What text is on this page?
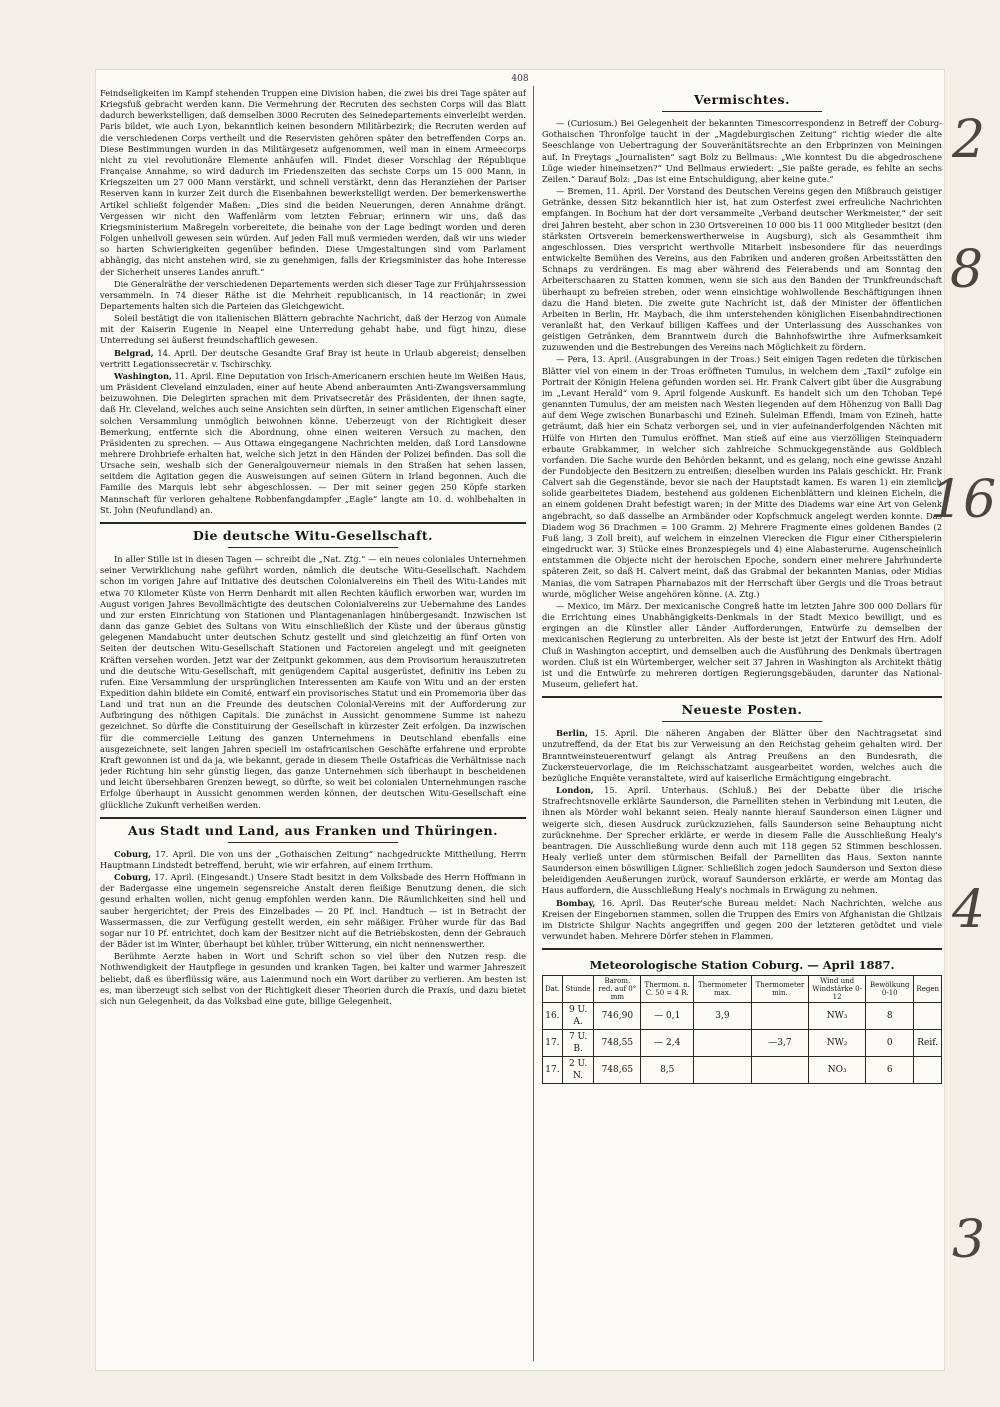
408

Feindseligkeiten im Kampf stehenden Truppen eine Division haben, die zwei bis drei Tage später auf Kriegsfuß gebracht werden kann. Die Vermehrung der Recruten des sechsten Corps will das Blatt dadurch bewerkstelligen, daß demselben 3000 Recruten des Seinedepartements einverleibt werden. Paris bildet, wie auch Lyon, bekanntlich keinen besondern Militärbezirk; die Recruten werden auf die verschiedenen Corps vertheilt und die Reservisten gehören später den betreffenden Corps an. Diese Bestimmungen wurden in das Militärgesetz aufgenommen, weil man in einem Armeecorps nicht zu viel revolutionäre Elemente anhäufen will. Findet dieser Vorschlag der République Française Annahme, so wird dadurch im Friedenszeiten das sechste Corps um 15 000 Mann, in Kriegszeiten um 27 000 Mann verstärkt, und schnell verstärkt, denn das Heranziehen der Pariser Reserven kann in kurzer Zeit durch die Eisenbahnen bewerkstelligt werden. Der bemerkenswerthe Artikel schließt folgender Maßen: „Dies sind die beiden Neuerungen, deren Annahme drängt. Vergessen wir nicht den Waffenlärm vom letzten Februar; erinnern wir uns, daß das Kriegsministerium Maßregeln vorbereitete, die beinahe von der Lage bedingt worden und deren Folgen unheilvoll gewesen sein würden. Auf jeden Fall muß vermieden werden, daß wir uns wieder so harten Schwierigkeiten gegenüber befinden. Diese Umgestaltungen sind vom Parlament abhängig, das nicht anstehen wird, sie zu genehmigen, falls der Kriegsminister das hohe Interesse der Sicherheit unseres Landes anruft.“

Die Generalräthe der verschiedenen Departements werden sich dieser Tage zur Frühjahrssession versammeln. In 74 dieser Räthe ist die Mehrheit republicanisch, in 14 reactionär; in zwei Departements halten sich die Parteien das Gleichgewicht.

Soleil bestätigt die von italienischen Blättern gebrachte Nachricht, daß der Herzog von Aumale mit der Kaiserin Eugenie in Neapel eine Unterredung gehabt habe, und fügt hinzu, diese Unterredung sei äußerst freundschaftlich gewesen.

Belgrad, 14. April. Der deutsche Gesandte Graf Bray ist heute in Urlaub abgereist; denselben vertritt Legationssecretär v. Tschirschky.

Washington, 11. April. Eine Deputation von Irisch-Americanern erschien heute im Weißen Haus, um Präsident Cleveland einzuladen, einer auf heute Abend anberaumten Anti-Zwangsversammlung beizuwohnen. Die Delegirten sprachen mit dem Privatsecretär des Präsidenten, der ihnen sagte, daß Hr. Cleveland, welches auch seine Ansichten sein dürften, in seiner amtlichen Eigenschaft einer solchen Versammlung unmöglich beiwohnen könne. Ueberzeugt von der Richtigkeit dieser Bemerkung, entfernte sich die Abordnung, ohne einen weiteren Versuch zu machen, den Präsidenten zu sprechen. — Aus Ottawa eingegangene Nachrichten melden, daß Lord Lansdowne mehrere Drohbriefe erhalten hat, welche sich jetzt in den Händen der Polizei befinden. Das soll die Ursache sein, weshalb sich der Generalgouverneur niemals in den Straßen hat sehen lassen, seitdem die Agitation gegen die Ausweisungen auf seinen Gütern in Irland begonnen. Auch die Familie des Marquis lebt sehr abgeschlossen. — Der mit seiner gegen 250 Köpfe starken Mannschaft für verloren gehaltene Robbenfangdampfer „Eagle“ langte am 10. d. wohlbehalten in St. John (Neufundland) an.

Die deutsche Witu-Gesellschaft.

In aller Stille ist in diesen Tagen — schreibt die „Nat. Ztg.“ — ein neues coloniales Unternehmen seiner Verwirklichung nahe geführt worden, nämlich die deutsche Witu-Gesellschaft. Nachdem schon im vorigen Jahre auf Initiative des deutschen Colonialvereins ein Theil des Witu-Landes mit etwa 70 Kilometer Küste von Herrn Denhardt mit allen Rechten käuflich erworben war, wurden im August vorigen Jahres Bevollmächtigte des deutschen Colonialvereins zur Uebernahme des Landes und zur ersten Einrichtung von Stationen und Plantagenanlagen hinübergesandt. Inzwischen ist dann das ganze Gebiet des Sultans von Witu einschließlich der Küste und der überaus günstig gelegenen Mandabucht unter deutschen Schutz gestellt und sind gleichzeitig an fünf Orten von Seiten der deutschen Witu-Gesellschaft Stationen und Factoreien angelegt und mit geeigneten Kräften versehen worden. Jetzt war der Zeitpunkt gekommen, aus dem Provisorium herauszutreten und die deutsche Witu-Gesellschaft, mit genügendem Capital ausgerüstet, definitiv ins Leben zu rufen. Eine Versammlung der ursprünglichen Interessenten am Kaufe von Witu und an der ersten Expedition dahin bildete ein Comité, entwarf ein provisorisches Statut und ein Promemoria über das Land und trat nun an die Freunde des deutschen Colonial-Vereins mit der Aufforderung zur Aufbringung des nöthigen Capitals. Die zunächst in Aussicht genommene Summe ist nahezu gezeichnet. So dürfte die Constituirung der Gesellschaft in kürzester Zeit erfolgen. Da inzwischen für die commercielle Leitung des ganzen Unternehmens in Deutschland ebenfalls eine ausgezeichnete, seit langen Jahren speciell im ostafricanischen Geschäfte erfahrene und erprobte Kraft gewonnen ist und da ja, wie bekannt, gerade in diesem Theile Ostafricas die Verhältnisse nach jeder Richtung hin sehr günstig liegen, das ganze Unternehmen sich überhaupt in bescheidenen und leicht übersehbaren Grenzen bewegt, so dürfte, so weit bei colonialen Unternehmungen rasche Erfolge überhaupt in Aussicht genommen werden können, der deutschen Witu-Gesellschaft eine glückliche Zukunft verheißen werden.

Aus Stadt und Land, aus Franken und Thüringen.

Coburg, 17. April. Die von uns der „Gothaischen Zeitung“ nachgedruckte Mittheilung, Herrn Hauptmann Lindstedt betreffend, beruht, wie wir erfahren, auf einem Irrthum.

Coburg, 17. April. (Eingesandt.) Unsere Stadt besitzt in dem Volksbade des Herrn Hoffmann in der Badergasse eine ungemein segensreiche Anstalt deren fleißige Benutzung denen, die sich gesund erhalten wollen, nicht genug empfohlen werden kann. Die Räumlichkeiten sind hell und sauber hergerichtet; der Preis des Einzelbades — 20 Pf. incl. Handtuch — ist in Betracht der Wassermassen, die zur Verfügung gestellt werden, ein sehr mäßiger. Früher wurde für das Bad sogar nur 10 Pf. entrichtet, doch kam der Besitzer nicht auf die Betriebskosten, denn der Gebrauch der Bäder ist im Winter, überhaupt bei kühler, trüber Witterung, ein nicht nennenswerther.

Berühmte Aerzte haben in Wort und Schrift schon so viel über den Nutzen resp. die Nothwendigkeit der Hautpflege in gesunden und kranken Tagen, bei kalter und warmer Jahreszeit beliebt, daß es überflüssig wäre, aus Laienmund noch ein Wort darüber zu verlieren. Am besten ist es, man überzeugt sich selbst von der Richtigkeit dieser Theorien durch die Praxis, und dazu bietet sich nun Gelegenheit, da das Volksbad eine gute, billige Gelegenheit.

Vermischtes.

— (Curiosum.) Bei Gelegenheit der bekannten Timescorrespondenz in Betreff der Coburg-Gothaischen Thronfolge taucht in der „Magdeburgischen Zeitung“ richtig wieder die alte Seeschlange von Uebertragung der Souveränitätsrechte an den Erbprinzen von Meiningen auf. In Freytags „Journalisten“ sagt Bolz zu Bellmaus: „Wie konntest Du die abgedroschene Lüge wieder hineinsetzen?“ Und Bellmaus erwiedert: „Sie paßte gerade, es fehlte an sechs Zeilen.“ Darauf Bolz: „Das ist eine Entschuldigung, aber keine gute.“

— Bremen, 11. April. Der Vorstand des Deutschen Vereins gegen den Mißbrauch geistiger Getränke, dessen Sitz bekanntlich hier ist, hat zum Osterfest zwei erfreuliche Nachrichten empfangen. In Bochum hat der dort versammelte „Verband deutscher Werkmeister,“ der seit drei Jahren besteht, aber schon in 230 Ortsvereinen 10 000 bis 11 000 Mitglieder besitzt (den stärksten Ortsverein bemerkenswertherweise in Augsburg), sich als Gesammtheit ihm angeschlossen. Dies verspricht werthvolle Mitarbeit insbesondere für das neuerdings entwickelte Bemühen des Vereins, aus den Fabriken und anderen großen Arbeitsstätten den Schnaps zu verdrängen. Es mag aber während des Feierabends und am Sonntag den Arbeiterschaaren zu Statten kommen, wenn sie sich aus den Banden der Trunkfreundschaft überhaupt zu befreien streben, oder wenn einsichtige wohlwollende Beschäftigungen ihnen dazu die Hand bieten. Die zweite gute Nachricht ist, daß der Minister der öffentlichen Arbeiten in Berlin, Hr. Maybach, die ihm unterstehenden königlichen Eisenbahndirectionen veranlaßt hat, den Verkauf billigen Kaffees und der Unterlassung des Ausschankes von geistigen Getränken, dem Branntwein durch die Bahnhofswirthe ihre Aufmerksamkeit zuzuwenden und die Bestrebungen des Vereins nach Möglichkeit zu fördern.

— Pera, 13. April. (Ausgrabungen in der Troas.) Seit einigen Tagen redeten die türkischen Blätter viel von einem in der Troas eröffneten Tumulus, in welchem dem „Taxil“ zufolge ein Portrait der Königin Helena gefunden worden sei. Hr. Frank Calvert gibt über die Ausgrabung im „Levant Herald“ vom 9. April folgende Auskunft. Es handelt sich um den Tchoban Tepé genannten Tumulus, der am meisten nach Westen liegenden auf dem Höhenzug von Balli Dag auf dem Wege zwischen Bunarbaschi und Ezineh. Suleiman Effendi, Imam von Ezineh, hatte geträumt, daß hier ein Schatz verborgen sei, und in vier aufeinanderfolgenden Nächten mit Hülfe von Hirten den Tumulus eröffnet. Man stieß auf eine aus vierzölligen Steinquadern erbaute Grabkammer, in welcher sich zahlreiche Schmuckgegenstände aus Goldblech vorfanden. Die Sache wurde den Behörden bekannt, und es gelang, noch eine gewisse Anzahl der Fundobjecte den Besitzern zu entreißen; dieselben wurden ins Palais geschickt. Hr. Frank Calvert sah die Gegenstände, bevor sie nach der Hauptstadt kamen. Es waren 1) ein ziemlich solide gearbeitetes Diadem, bestehend aus goldenen Eichenblättern und kleinen Eicheln, die an einem goldenen Draht befestigt waren; in der Mitte des Diadems war eine Art von Gelenk angebracht, so daß dasselbe an Armbänder oder Kopfschmuck angelegt werden konnte. Das Diadem wog 36 Drachmen = 100 Gramm. 2) Mehrere Fragmente eines goldenen Bandes (2 Fuß lang, 3 Zoll breit), auf welchem in einzelnen Vierecken die Figur einer Citherspielerin eingedruckt war. 3) Stücke eines Bronzespiegels und 4) eine Alabasterurne. Augenscheinlich entstammen die Objecte nicht der heroischen Epoche, sondern einer mehrere Jahrhunderte späteren Zeit, so daß H. Calvert meint, daß das Grabmal der bekannten Manias, oder Midias Manias, die vom Satrapen Pharnabazos mit der Herrschaft über Gergis und die Troas betraut wurde, möglicher Weise angehören könne. (A. Ztg.)

— Mexico, im März. Der mexicanische Congreß hatte im letzten Jahre 300 000 Dollars für die Errichtung eines Unabhängigkeits-Denkmals in der Stadt Mexico bewilligt, und es ergingen an die Künstler aller Länder Aufforderungen, Entwürfe zu demselben der mexicanischen Regierung zu unterbreiten. Als der beste ist jetzt der Entwurf des Hrn. Adolf Cluß in Washington acceptirt, und demselben auch die Ausführung des Denkmals übertragen worden. Cluß ist ein Würtemberger, welcher seit 37 Jahren in Washington als Architekt thätig ist und die Entwürfe zu mehreren dortigen Regierungsgebäuden, darunter das National-Museum, geliefert hat.

Neueste Posten.

Berlin, 15. April. Die näheren Angaben der Blätter über den Nachtragsetat sind unzutreffend, da der Etat bis zur Verweisung an den Reichstag geheim gehalten wird. Der Branntweinsteuerentwurf gelangt als Antrag Preußens an den Bundesrath, die Zuckersteuervorlage, die im Reichsschatzamt ausgearbeitet worden, welches auch die bezügliche Enquête veranstaltete, wird auf kaiserliche Ermächtigung eingebracht.

London, 15. April. Unterhaus. (Schluß.) Bei der Debatte über die irische Strafrechtsnovelle erklärte Saunderson, die Parnelliten stehen in Verbindung mit Leuten, die ihnen als Mörder wohl bekannt seien. Healy nannte hierauf Saunderson einen Lügner und weigerte sich, diesen Ausdruck zurückzuziehen, falls Saunderson seine Behauptung nicht zurücknehme. Der Sprecher erklärte, er werde in diesem Falle die Ausschließung Healy's beantragen. Die Ausschließung wurde denn auch mit 118 gegen 52 Stimmen beschlossen. Healy verließ unter dem stürmischen Beifall der Parnelliten das Haus. Sexton nannte Saunderson einen böswilligen Lügner. Schließlich zogen jedoch Saunderson und Sexton diese beleidigenden Aeußerungen zurück, worauf Saunderson erklärte, er werde am Montag das Haus auffordern, die Ausschließung Healy's nochmals in Erwägung zu nehmen.

Bombay, 16. April. Das Reuter'sche Bureau meldet: Nach Nachrichten, welche aus Kreisen der Eingebornen stammen, sollen die Truppen des Emirs von Afghanistan die Ghilzais im Districte Shilgur Nachts angegriffen und gegen 200 der letzteren getödtet und viele verwundet haben. Mehrere Dörfer stehen in Flammen.

Meteorologische Station Coburg. — April 1887.
Dat.	Stunde	Barom. red. auf 0° mm	Thermom. n. C. 50 = 4 R.	Thermometer max.	Thermometer min.	Wind und Windstärke 0-12	Bewölkung 0-10	Regen
16.	9 U. A.	746,90	— 0,1	3,9		NW₃	8	
17.	7 U. B.	748,55	— 2,4		—3,7	NW₂	0	Reif.
17.	2 U. N.	748,65	8,5			NO₃	6	
2
8
16
4
3
